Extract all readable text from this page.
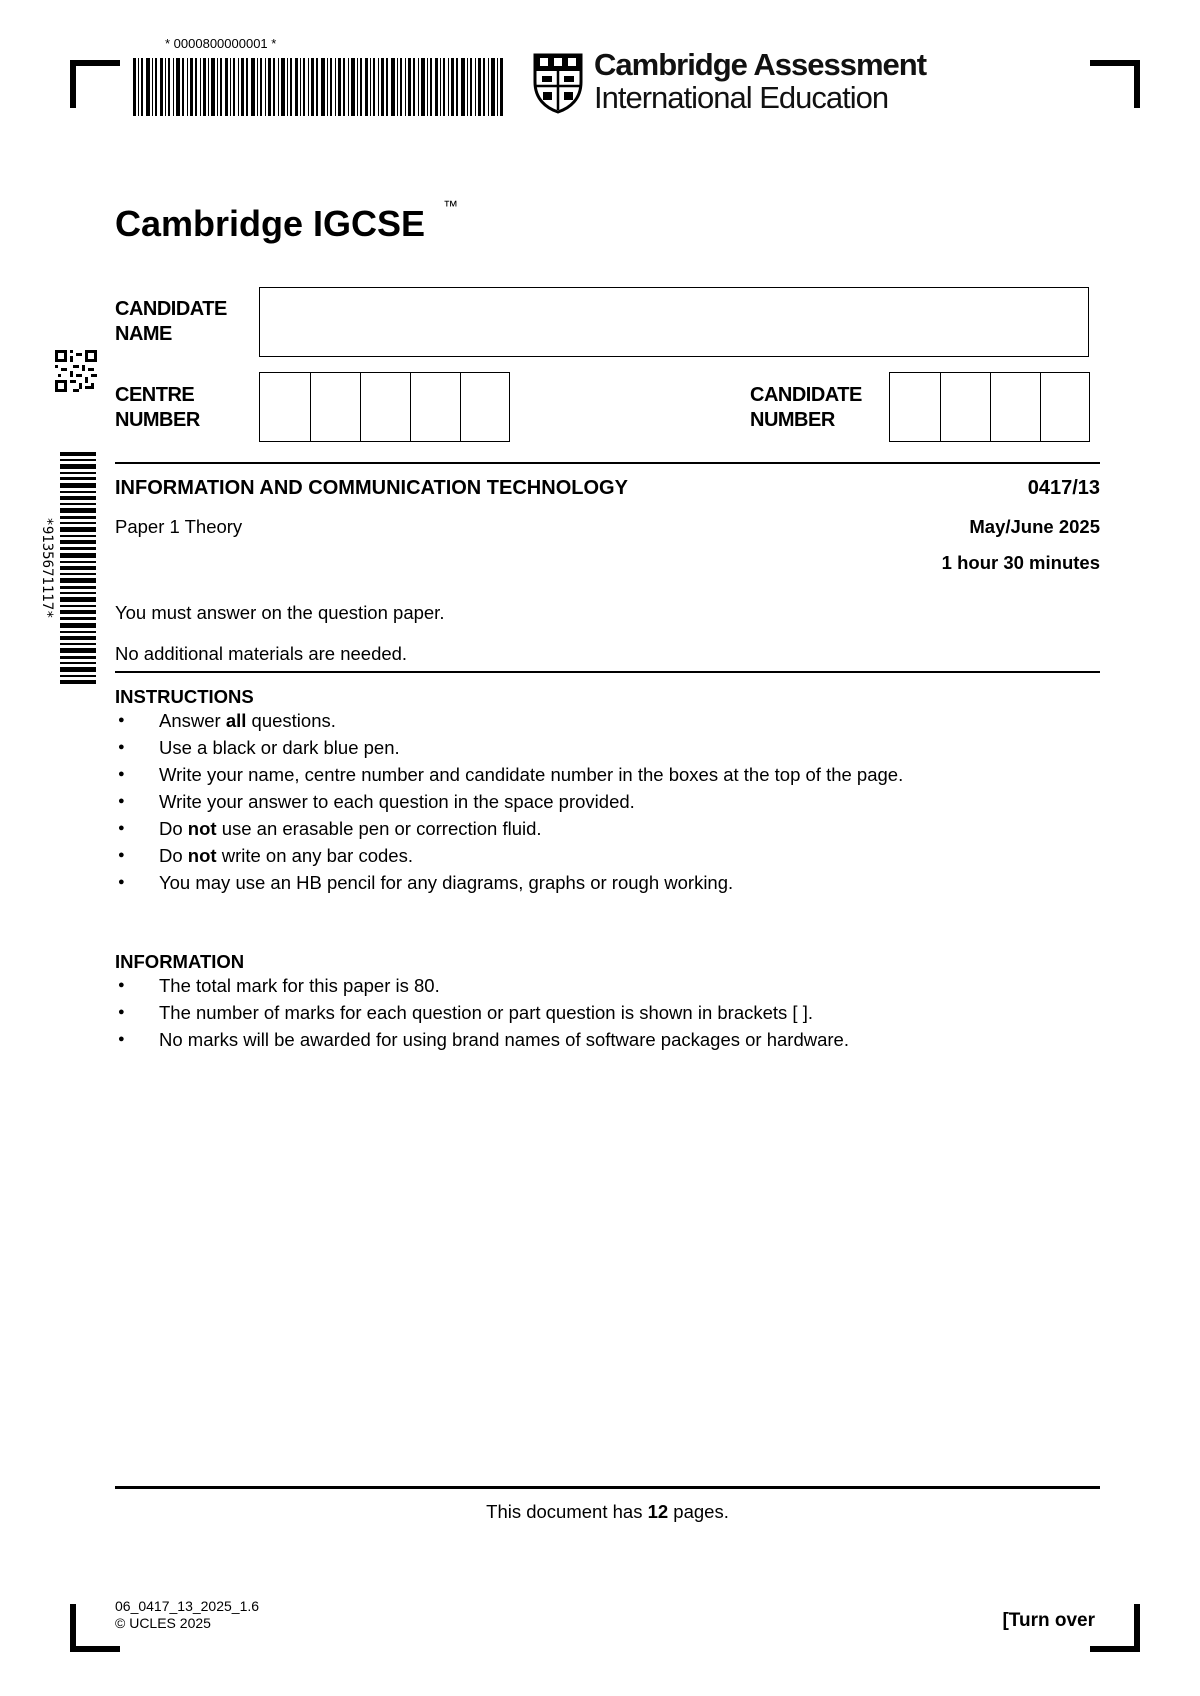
* 0000800000001 *
Cambridge Assessment
International Education
*9135671117*
Cambridge IGCSE ™
CANDIDATE
NAME
CENTRE
NUMBER
CANDIDATE
NUMBER
INFORMATION AND COMMUNICATION TECHNOLOGY	0417/13
Paper 1 Theory	May/June 2025
1 hour 30 minutes
You must answer on the question paper.
No additional materials are needed.
INSTRUCTIONS
● Answer all questions.
● Use a black or dark blue pen.
● Write your name, centre number and candidate number in the boxes at the top of the page.
● Write your answer to each question in the space provided.
● Do not use an erasable pen or correction fluid.
● Do not write on any bar codes.
● You may use an HB pencil for any diagrams, graphs or rough working.
INFORMATION
● The total mark for this paper is 80.
● The number of marks for each question or part question is shown in brackets [ ].
● No marks will be awarded for using brand names of software packages or hardware.
This document has 12 pages.
06_0417_13_2025_1.6
© UCLES 2025	[Turn over
